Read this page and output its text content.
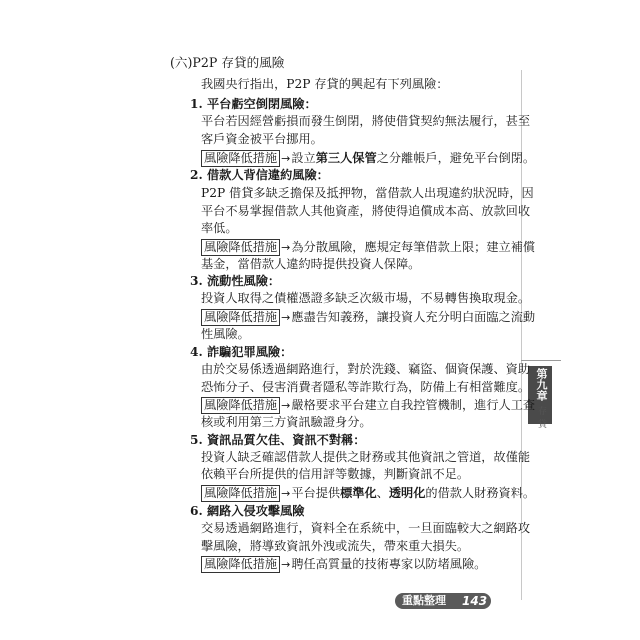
第九章
存貸
(六)P2P 存貸的風險
我國央行指出，P2P 存貸的興起有下列風險：
1. 平台虧空倒閉風險：
平台若因經營虧損而發生倒閉，將使借貸契約無法履行，甚至
客戶資金被平台挪用。
風險降低措施 →設立第三人保管之分離帳戶，避免平台倒閉。
2. 借款人背信違約風險：
P2P 借貸多缺乏擔保及抵押物，當借款人出現違約狀況時，因
平台不易掌握借款人其他資產，將使得追償成本高、放款回收
率低。
風險降低措施 →為分散風險，應規定每筆借款上限；建立補償
基金，當借款人違約時提供投資人保障。
3. 流動性風險：
投資人取得之債權憑證多缺乏次級市場，不易轉售換取現金。
風險降低措施 →應盡告知義務，讓投資人充分明白面臨之流動
性風險。
4. 詐騙犯罪風險：
由於交易係透過網路進行，對於洗錢、竊盜、個資保護、資助
恐怖分子、侵害消費者隱私等詐欺行為，防備上有相當難度。
風險降低措施 →嚴格要求平台建立自我控管機制，進行人工查
核或利用第三方資訊驗證身分。
5. 資訊品質欠佳、資訊不對稱：
投資人缺乏確認借款人提供之財務或其他資訊之管道，故僅能
依賴平台所提供的信用評等數據，判斷資訊不足。
風險降低措施 →平台提供標準化、透明化的借款人財務資料。
6. 網路入侵攻擊風險
交易透過網路進行，資料全在系統中，一旦面臨較大之網路攻
擊風險，將導致資訊外洩或流失，帶來重大損失。
風險降低措施 →聘任高質量的技術專家以防堵風險。
重點整理 143
